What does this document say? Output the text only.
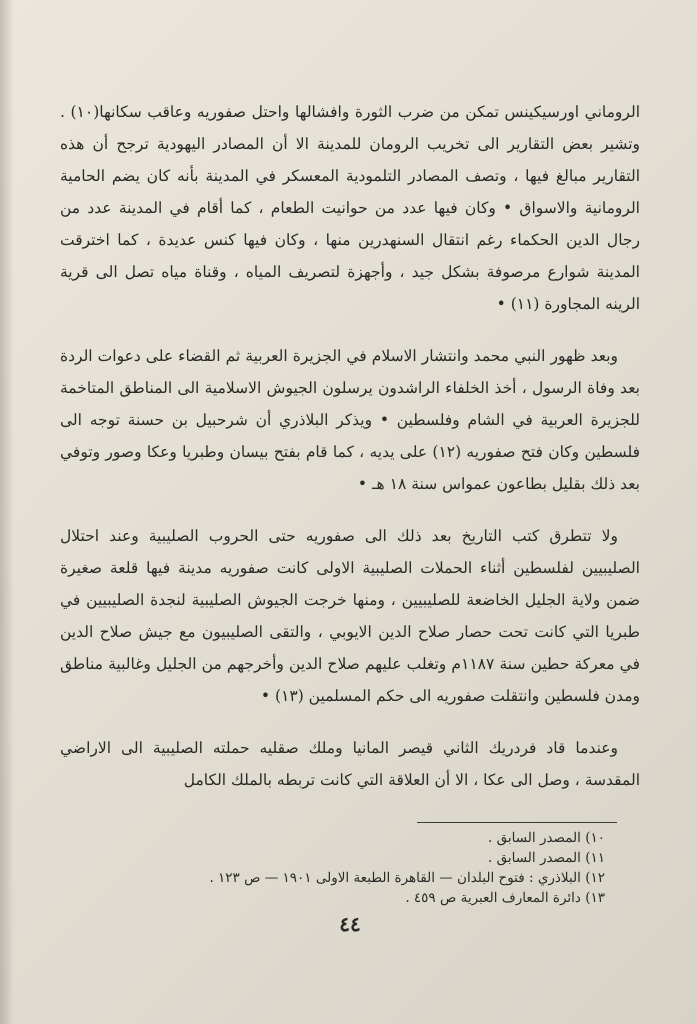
الروماني اورسيكينس تمكن من ضرب الثورة وافشالها واحتل صفوريه وعاقب سكانها(١٠) . وتشير بعض التقارير الى تخريب الرومان للمدينة الا أن المصادر اليهودية ترجح أن هذه التقارير مبالغ فيها ، وتصف المصادر التلمودية المعسكر في المدينة بأنه كان يضم الحامية الرومانية والاسواق • وكان فيها عدد من حوانيت الطعام ، كما أقام في المدينة عدد من رجال الدين الحكماء رغم انتقال السنهدرين منها ، وكان فيها كنس عديدة ، كما اخترقت المدينة شوارع مرصوفة بشكل جيد ، وأجهزة لتصريف المياه ، وقناة مياه تصل الى قرية الرينه المجاورة (١١) •

وبعد ظهور النبي محمد وانتشار الاسلام في الجزيرة العربية ثم القضاء على دعوات الردة بعد وفاة الرسول ، أخذ الخلفاء الراشدون يرسلون الجيوش الاسلامية الى المناطق المتاخمة للجزيرة العربية في الشام وفلسطين • ويذكر البلاذري أن شرحبيل بن حسنة توجه الى فلسطين وكان فتح صفوريه (١٢) على يديه ، كما قام بفتح بيسان وطبريا وعكا وصور وتوفي بعد ذلك بقليل بطاعون عمواس سنة ١٨ هـ •

ولا تتطرق كتب التاريخ بعد ذلك الى صفوريه حتى الحروب الصليبية وعند احتلال الصليبيين لفلسطين أثناء الحملات الصليبية الاولى كانت صفوريه مدينة فيها قلعة صغيرة ضمن ولاية الجليل الخاضعة للصليبيين ، ومنها خرجت الجيوش الصليبية لنجدة الصليبيين في طبريا التي كانت تحت حصار صلاح الدين الايوبي ، والتقى الصليبيون مع جيش صلاح الدين في معركة حطين سنة ١١٨٧م وتغلب عليهم صلاح الدين وأخرجهم من الجليل وغالبية مناطق ومدن فلسطين وانتقلت صفوريه الى حكم المسلمين (١٣) •

وعندما قاد فردريك الثاني قيصر المانيا وملك صقليه حملته الصليبية الى الاراضي المقدسة ، وصل الى عكا ، الا أن العلاقة التي كانت تربطه بالملك الكامل

١٠) المصدر السابق .
١١) المصدر السابق .
١٢) البلاذري : فتوح البلدان — القاهرة الطبعة الاولى ١٩٠١ — ص ١٢٣ .
١٣) دائرة المعارف العبرية ص ٤٥٩ .
٤٤
